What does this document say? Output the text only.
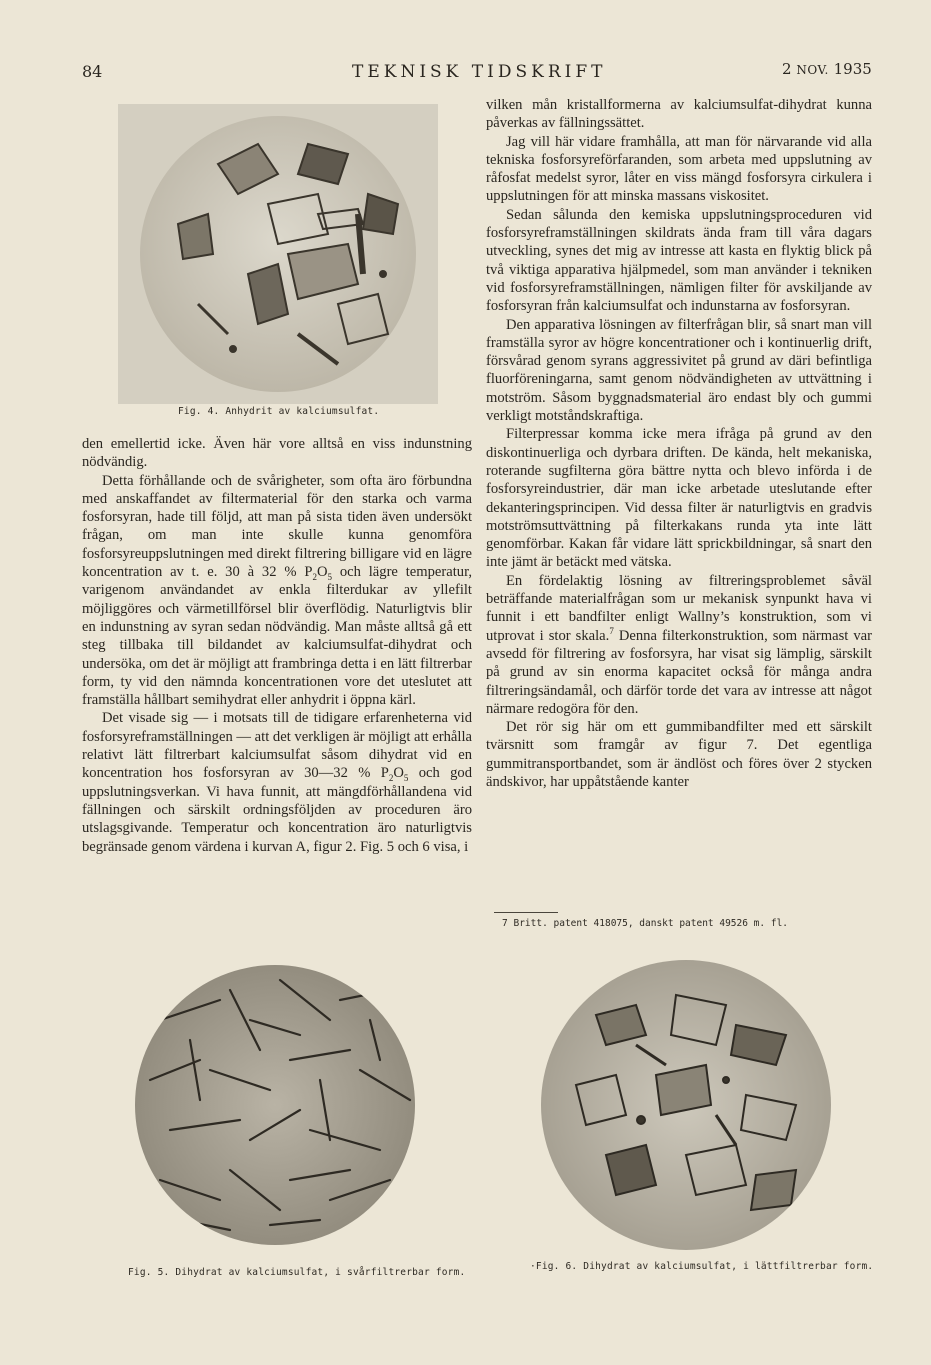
84	TEKNISK TIDSKRIFT	2 NOV. 1935
Fig. 4. Anhydrit av kalciumsulfat.

den emellertid icke. Även här vore alltså en viss indunstning nödvändig.

Detta förhållande och de svårigheter, som ofta äro förbundna med anskaffandet av filtermaterial för den starka och varma fosforsyran, hade till följd, att man på sista tiden även undersökt frågan, om man inte skulle kunna genomföra fosforsyreuppslutningen med direkt filtrering billigare vid en lägre koncentration av t. e. 30 à 32 % $P_2O_5$ och lägre temperatur, varigenom användandet av enkla filterdukar av yllefilt möjliggöres och värmetillförsel blir överflödig. Naturligtvis blir en indunstning av syran sedan nödvändig. Man måste alltså gå ett steg tillbaka till bildandet av kalciumsulfat-dihydrat och undersöka, om det är möjligt att frambringa detta i en lätt filtrerbar form, ty vid den nämnda koncentrationen vore det uteslutet att framställa hållbart semihydrat eller anhydrit i öppna kärl.

Det visade sig — i motsats till de tidigare erfarenheterna vid fosforsyreframställningen — att det verkligen är möjligt att erhålla relativt lätt filtrerbart kalciumsulfat såsom dihydrat vid en koncentration hos fosforsyran av 30—32 % $P_2O_5$ och god uppslutningsverkan. Vi hava funnit, att mängdförhållandena vid fällningen och särskilt ordningsföljden av proceduren äro utslagsgivande. Temperatur och koncentration äro naturligtvis begränsade genom värdena i kurvan A, figur 2. Fig. 5 och 6 visa, i

vilken mån kristallformerna av kalciumsulfat-dihydrat kunna påverkas av fällningssättet.

Jag vill här vidare framhålla, att man för närvarande vid alla tekniska fosforsyreförfaranden, som arbeta med uppslutning av råfosfat medelst syror, låter en viss mängd fosforsyra cirkulera i uppslutningen för att minska massans viskositet.

Sedan sålunda den kemiska uppslutningsproceduren vid fosforsyreframställningen skildrats ända fram till våra dagars utveckling, synes det mig av intresse att kasta en flyktig blick på två viktiga apparativa hjälpmedel, som man använder i tekniken vid fosforsyreframställningen, nämligen filter för avskiljande av fosforsyran från kalciumsulfat och indunstarna av fosforsyran.

Den apparativa lösningen av filterfrågan blir, så snart man vill framställa syror av högre koncentrationer och i kontinuerlig drift, försvårad genom syrans aggressivitet på grund av däri befintliga fluorföreningarna, samt genom nödvändigheten av uttvättning i motström. Såsom byggnadsmaterial äro endast bly och gummi verkligt motståndskraftiga.

Filterpressar komma icke mera ifråga på grund av den diskontinuerliga och dyrbara driften. De kända, helt mekaniska, roterande sugfilterna göra bättre nytta och blevo införda i de fosforsyreindustrier, där man icke arbetade uteslutande efter dekanteringsprincipen. Vid dessa filter är naturligtvis en gradvis motströmsuttvättning på filterkakans runda yta inte lätt genomförbar. Kakan får vidare lätt sprickbildningar, så snart den inte jämt är betäckt med vätska.

En fördelaktig lösning av filtreringsproblemet såväl beträffande materialfrågan som ur mekanisk synpunkt hava vi funnit i ett bandfilter enligt Wallny’s konstruktion, som vi utprovat i stor skala.$^7$ Denna filterkonstruktion, som närmast var avsedd för filtrering av fosforsyra, har visat sig lämplig, särskilt på grund av sin enorma kapacitet också för många andra filtreringsändamål, och därför torde det vara av intresse att något närmare redogöra för den.

Det rör sig här om ett gummibandfilter med ett särskilt tvärsnitt som framgår av figur 7. Det egentliga gummitransportbandet, som är ändlöst och föres över 2 stycken ändskivor, har uppåtstående kanter

7 Britt. patent 418075, danskt patent 49526 m. fl.
Fig. 5. Dihydrat av kalciumsulfat, i svårfiltrerbar form.
·Fig. 6. Dihydrat av kalciumsulfat, i lättfiltrerbar form.
